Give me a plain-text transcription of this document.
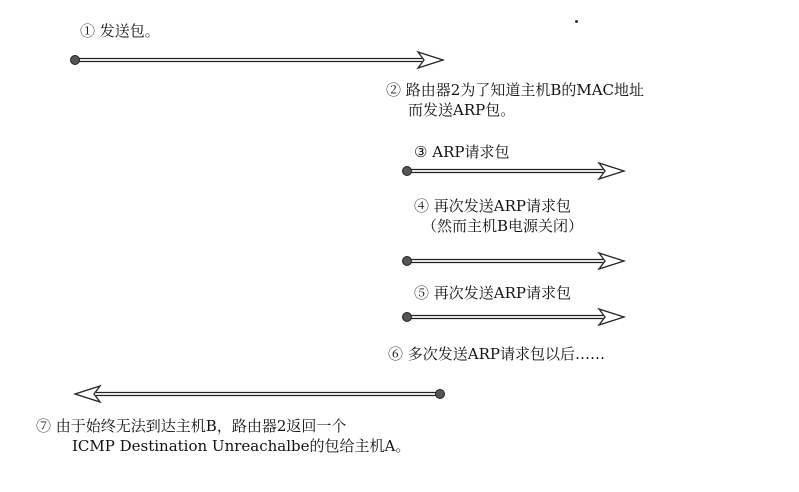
① 发送包。
② 路由器2为了知道主机B的MAC地址
而发送ARP包。
③ ARP请求包
④ 再次发送ARP请求包
（然而主机B电源关闭）
⑤ 再次发送ARP请求包
⑥ 多次发送ARP请求包以后……
⑦ 由于始终无法到达主机B，路由器2返回一个
ICMP Destination Unreachalbe的包给主机A。
